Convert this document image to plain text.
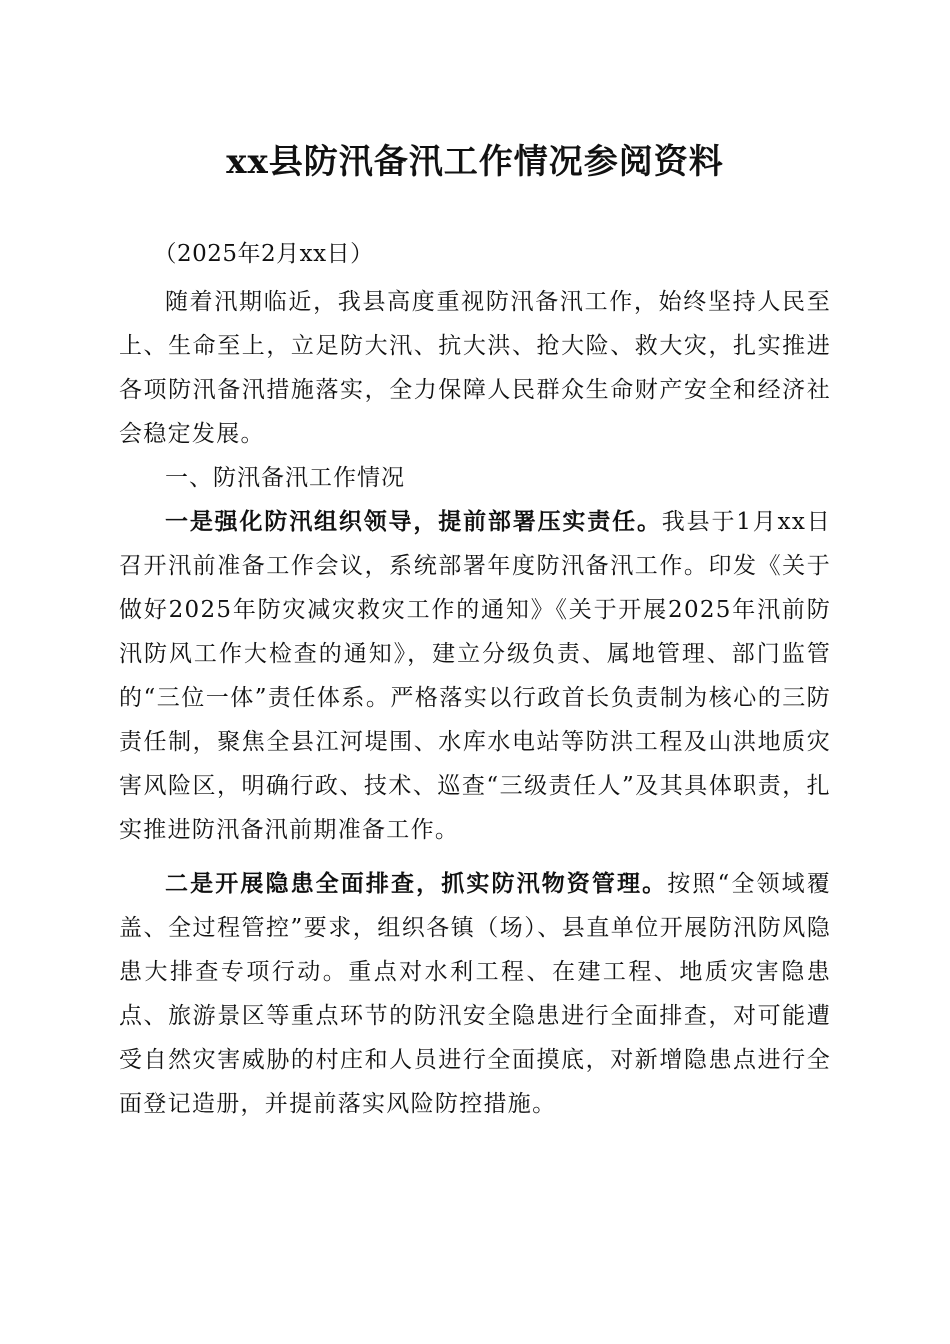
xx县防汛备汛工作情况参阅资料

（2025年2月xx日）

随着汛期临近，我县高度重视防汛备汛工作，始终坚持人民至上、生命至上，立足防大汛、抗大洪、抢大险、救大灾，扎实推进各项防汛备汛措施落实，全力保障人民群众生命财产安全和经济社会稳定发展。

一、防汛备汛工作情况

一是强化防汛组织领导，提前部署压实责任。我县于1月xx日召开汛前准备工作会议，系统部署年度防汛备汛工作。印发《关于做好2025年防灾减灾救灾工作的通知》《关于开展2025年汛前防汛防风工作大检查的通知》，建立分级负责、属地管理、部门监管的“三位一体”责任体系。严格落实以行政首长负责制为核心的三防责任制，聚焦全县江河堤围、水库水电站等防洪工程及山洪地质灾害风险区，明确行政、技术、巡查“三级责任人”及其具体职责，扎实推进防汛备汛前期准备工作。

二是开展隐患全面排查，抓实防汛物资管理。按照“全领域覆盖、全过程管控”要求，组织各镇（场）、县直单位开展防汛防风隐患大排查专项行动。重点对水利工程、在建工程、地质灾害隐患点、旅游景区等重点环节的防汛安全隐患进行全面排查，对可能遭受自然灾害威胁的村庄和人员进行全面摸底，对新增隐患点进行全面登记造册，并提前落实风险防控措施。
